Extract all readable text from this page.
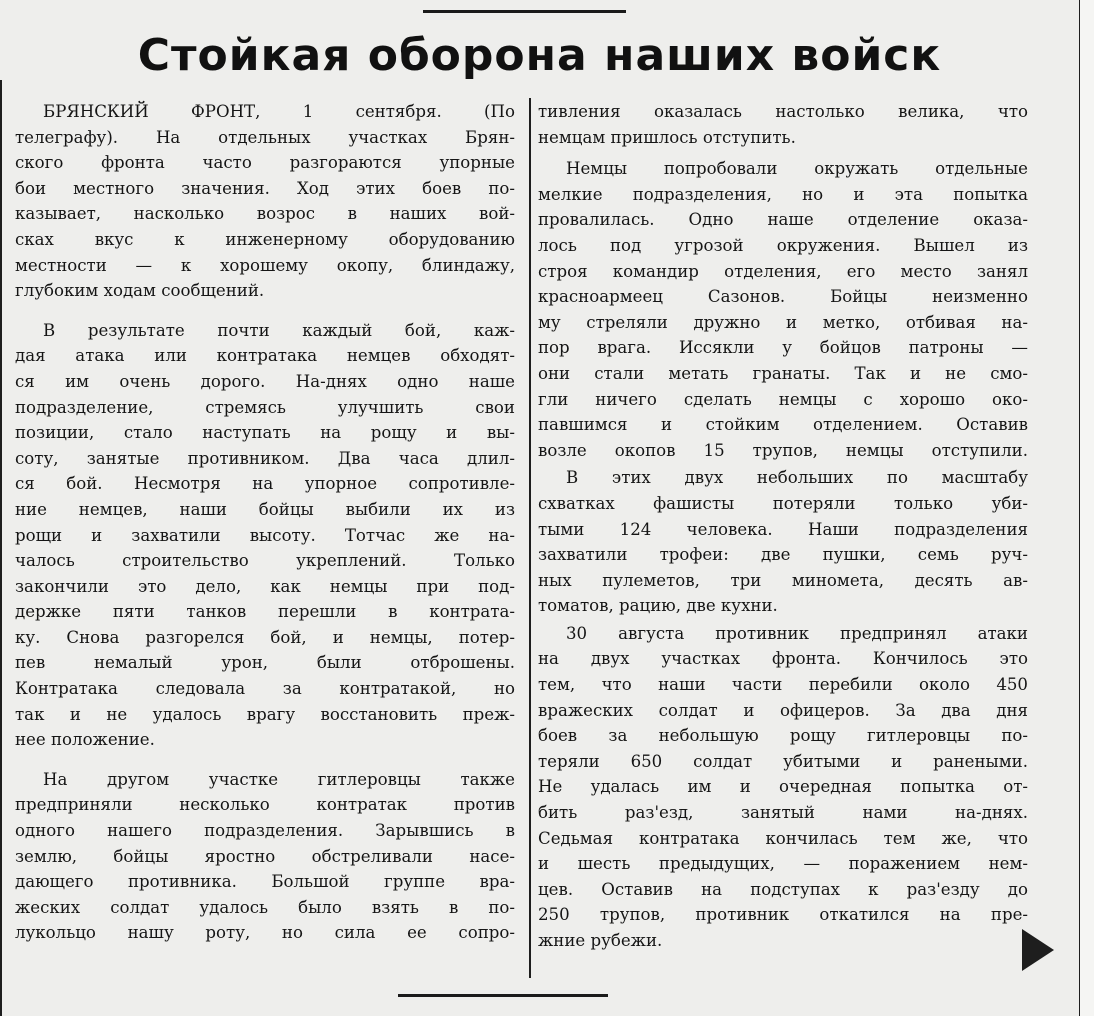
Стойкая оборона наших войск
БРЯНСКИЙ ФРОНТ, 1 сентября. (По
телеграфу). На отдельных участках Брян-
ского фронта часто разгораются упорные
бои местного значения. Ход этих боев по-
казывает, насколько возрос в наших вой-
сках вкус к инженерному оборудованию
местности — к хорошему окопу, блиндажу,
глубоким ходам сообщений.
В результате почти каждый бой, каж-
дая атака или контратака немцев обходят-
ся им очень дорого. На-днях одно наше
подразделение, стремясь улучшить свои
позиции, стало наступать на рощу и вы-
соту, занятые противником. Два часа длил-
ся бой. Несмотря на упорное сопротивле-
ние немцев, наши бойцы выбили их из
рощи и захватили высоту. Тотчас же на-
чалось строительство укреплений. Только
закончили это дело, как немцы при под-
держке пяти танков перешли в контрата-
ку. Снова разгорелся бой, и немцы, потер-
пев немалый урон, были отброшены.
Контратака следовала за контратакой, но
так и не удалось врагу восстановить преж-
нее положение.
На другом участке гитлеровцы также
предприняли несколько контратак против
одного нашего подразделения. Зарывшись в
землю, бойцы яростно обстреливали насе-
дающего противника. Большой группе вра-
жеских солдат удалось было взять в по-
лукольцо нашу роту, но сила ее сопро-
тивления оказалась настолько велика, что
немцам пришлось отступить.
Немцы попробовали окружать отдельные
мелкие подразделения, но и эта попытка
провалилась. Одно наше отделение оказа-
лось под угрозой окружения. Вышел из
строя командир отделения, его место занял
красноармеец Сазонов. Бойцы неизменно
му стреляли дружно и метко, отбивая на-
пор врага. Иссякли у бойцов патроны —
они стали метать гранаты. Так и не смо-
гли ничего сделать немцы с хорошо око-
павшимся и стойким отделением. Оставив
возле окопов 15 трупов, немцы отступили.
В этих двух небольших по масштабу
схватках фашисты потеряли только уби-
тыми 124 человека. Наши подразделения
захватили трофеи: две пушки, семь руч-
ных пулеметов, три миномета, десять ав-
томатов, рацию, две кухни.
30 августа противник предпринял атаки
на двух участках фронта. Кончилось это
тем, что наши части перебили около 450
вражеских солдат и офицеров. За два дня
боев за небольшую рощу гитлеровцы по-
теряли 650 солдат убитыми и ранеными.
Не удалась им и очередная попытка от-
бить раз'езд, занятый нами на-днях.
Седьмая контратака кончилась тем же, что
и шесть предыдущих, — поражением нем-
цев. Оставив на подступах к раз'езду до
250 трупов, противник откатился на пре-
жние рубежи.
